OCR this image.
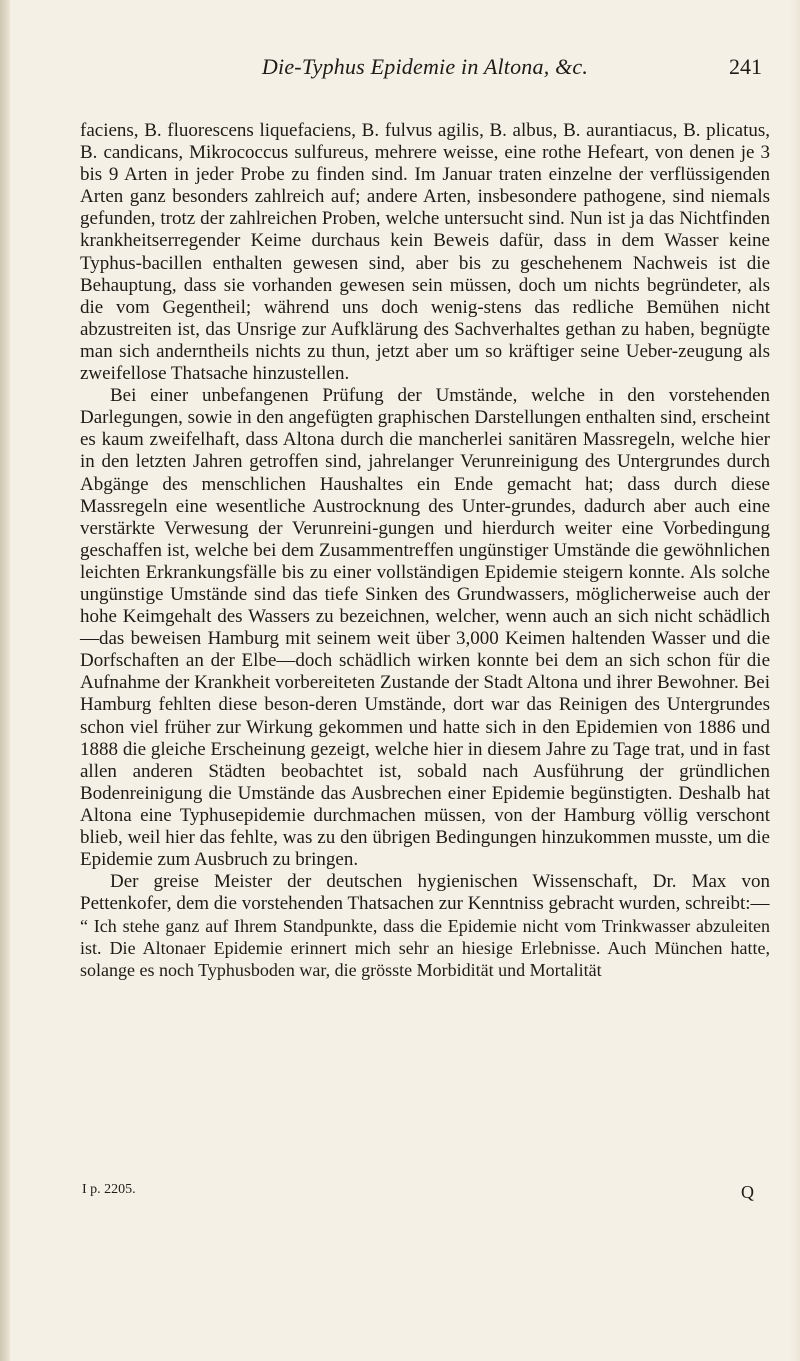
Die-Typhus Epidemie in Altona, &c.	241

faciens, B. fluorescens liquefaciens, B. fulvus agilis, B. albus, B. aurantiacus, B. plicatus, B. candicans, Mikrococcus sulfureus, mehrere weisse, eine rothe Hefeart, von denen je 3 bis 9 Arten in jeder Probe zu finden sind. Im Januar traten einzelne der verflüssigenden Arten ganz besonders zahlreich auf; andere Arten, insbesondere pathogene, sind niemals gefunden, trotz der zahlreichen Proben, welche untersucht sind. Nun ist ja das Nichtfinden krankheitserregender Keime durchaus kein Beweis dafür, dass in dem Wasser keine Typhus-bacillen enthalten gewesen sind, aber bis zu geschehenem Nachweis ist die Behauptung, dass sie vorhanden gewesen sein müssen, doch um nichts begründeter, als die vom Gegentheil; während uns doch wenig-stens das redliche Bemühen nicht abzustreiten ist, das Unsrige zur Aufklärung des Sachverhaltes gethan zu haben, begnügte man sich anderntheils nichts zu thun, jetzt aber um so kräftiger seine Ueber-zeugung als zweifellose Thatsache hinzustellen.

Bei einer unbefangenen Prüfung der Umstände, welche in den vorstehenden Darlegungen, sowie in den angefügten graphischen Darstellungen enthalten sind, erscheint es kaum zweifelhaft, dass Altona durch die mancherlei sanitären Massregeln, welche hier in den letzten Jahren getroffen sind, jahrelanger Verunreinigung des Untergrundes durch Abgänge des menschlichen Haushaltes ein Ende gemacht hat; dass durch diese Massregeln eine wesentliche Austrocknung des Unter-grundes, dadurch aber auch eine verstärkte Verwesung der Verunreini-gungen und hierdurch weiter eine Vorbedingung geschaffen ist, welche bei dem Zusammentreffen ungünstiger Umstände die gewöhnlichen leichten Erkrankungsfälle bis zu einer vollständigen Epidemie steigern konnte. Als solche ungünstige Umstände sind das tiefe Sinken des Grundwassers, möglicherweise auch der hohe Keimgehalt des Wassers zu bezeichnen, welcher, wenn auch an sich nicht schädlich—das beweisen Hamburg mit seinem weit über 3,000 Keimen haltenden Wasser und die Dorfschaften an der Elbe—doch schädlich wirken konnte bei dem an sich schon für die Aufnahme der Krankheit vorbereiteten Zustande der Stadt Altona und ihrer Bewohner. Bei Hamburg fehlten diese beson-deren Umstände, dort war das Reinigen des Untergrundes schon viel früher zur Wirkung gekommen und hatte sich in den Epidemien von 1886 und 1888 die gleiche Erscheinung gezeigt, welche hier in diesem Jahre zu Tage trat, und in fast allen anderen Städten beobachtet ist, sobald nach Ausführung der gründlichen Bodenreinigung die Umstände das Ausbrechen einer Epidemie begünstigten. Deshalb hat Altona eine Typhusepidemie durchmachen müssen, von der Hamburg völlig verschont blieb, weil hier das fehlte, was zu den übrigen Bedingungen hinzukommen musste, um die Epidemie zum Ausbruch zu bringen.

Der greise Meister der deutschen hygienischen Wissenschaft, Dr. Max von Pettenkofer, dem die vorstehenden Thatsachen zur Kenntniss gebracht wurden, schreibt:—

“ Ich stehe ganz auf Ihrem Standpunkte, dass die Epidemie nicht vom Trinkwasser abzuleiten ist. Die Altonaer Epidemie erinnert mich sehr an hiesige Erlebnisse. Auch München hatte, solange es noch Typhusboden war, die grösste Morbidität und Mortalität

I p. 2205.	Q
